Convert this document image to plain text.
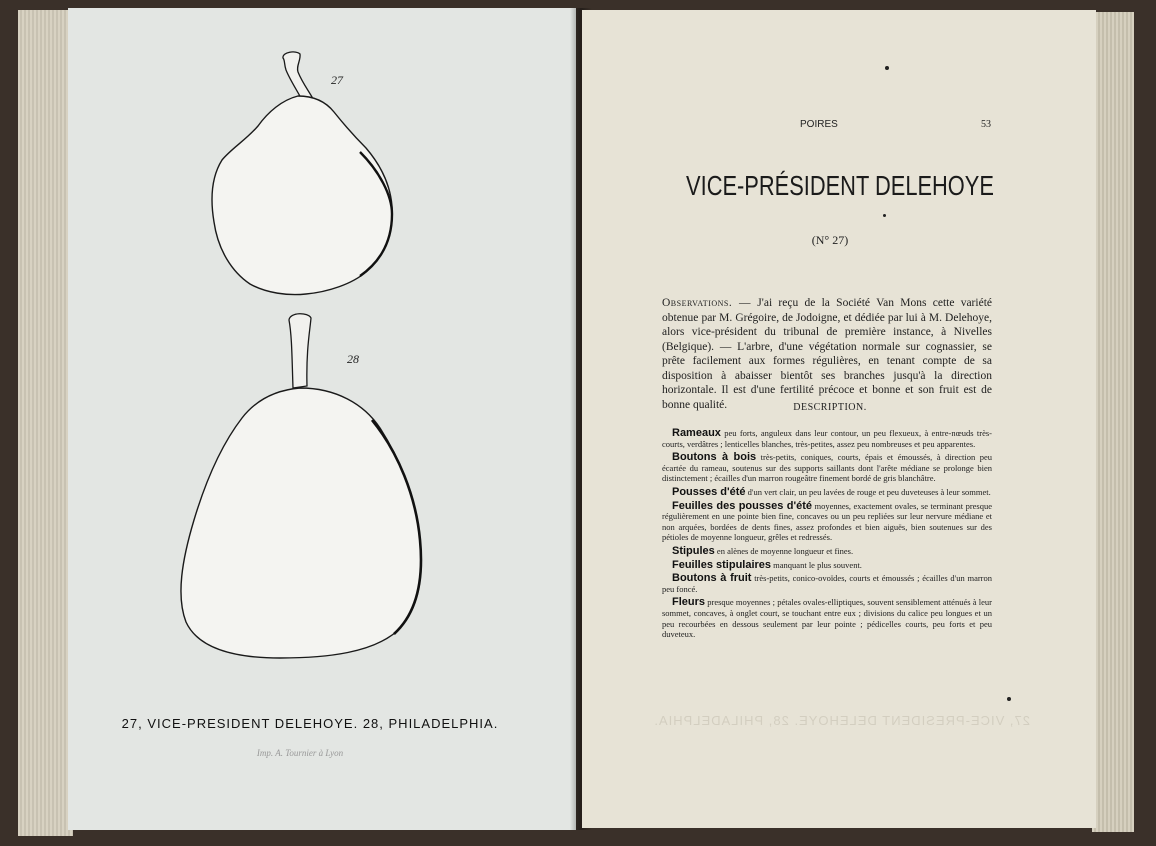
27
28
27, VICE-PRESIDENT DELEHOYE. 28, PHILADELPHIA.
Imp. A. Tournier à Lyon
27, VICE-PRESIDENT DELEHOYE. 28, PHILADELPHIA.
POIRES	53
VICE-PRÉSIDENT DELEHOYE
(N° 27)
Observations. — J'ai reçu de la Société Van Mons cette variété obtenue par M. Grégoire, de Jodoigne, et dédiée par lui à M. Delehoye, alors vice-président du tribunal de première instance, à Nivelles (Belgique). — L'arbre, d'une végétation normale sur cognassier, se prête facilement aux formes régulières, en tenant compte de sa disposition à abaisser bientôt ses branches jusqu'à la direction horizontale. Il est d'une fertilité précoce et bonne et son fruit est de bonne qualité.	DESCRIPTION.

Rameaux peu forts, anguleux dans leur contour, un peu flexueux, à entre-nœuds très-courts, verdâtres ; lenticelles blanches, très-petites, assez peu nombreuses et peu apparentes.

Boutons à bois très-petits, coniques, courts, épais et émoussés, à direction peu écartée du rameau, soutenus sur des supports saillants dont l'arête médiane se prolonge bien distinctement ; écailles d'un marron rougeâtre finement bordé de gris blanchâtre.

Pousses d'été d'un vert clair, un peu lavées de rouge et peu duveteuses à leur sommet.

Feuilles des pousses d'été moyennes, exactement ovales, se terminant presque régulièrement en une pointe bien fine, concaves ou un peu repliées sur leur nervure médiane et non arquées, bordées de dents fines, assez profondes et bien aiguës, bien soutenues sur des pétioles de moyenne longueur, grêles et redressés.

Stipules en alènes de moyenne longueur et fines.

Feuilles stipulaires manquant le plus souvent.

Boutons à fruit très-petits, conico-ovoïdes, courts et émoussés ; écailles d'un marron peu foncé.

Fleurs presque moyennes ; pétales ovales-elliptiques, souvent sensiblement atténués à leur sommet, concaves, à onglet court, se touchant entre eux ; divisions du calice peu longues et un peu recourbées en dessous seulement par leur pointe ; pédicelles courts, peu forts et peu duveteux.
